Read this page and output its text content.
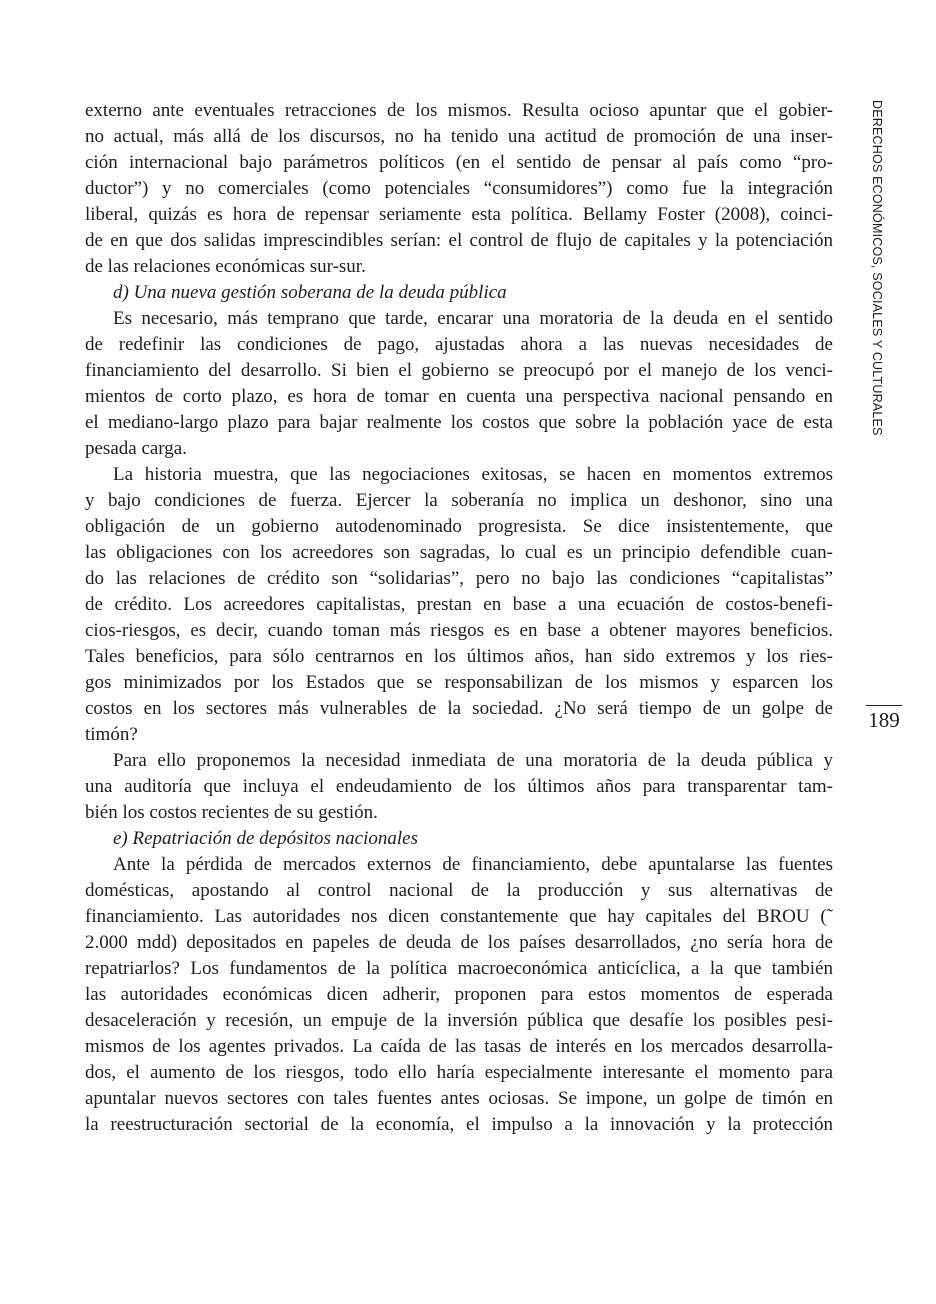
externo ante eventuales retracciones de los mismos. Resulta ocioso apuntar que el gobier-
no actual, más allá de los discursos, no ha tenido una actitud de promoción de una inser-
ción internacional bajo parámetros políticos (en el sentido de pensar al país como “pro-
ductor”) y no comerciales (como potenciales “consumidores”) como fue la integración
liberal, quizás es hora de repensar seriamente esta política. Bellamy Foster (2008), coinci-
de en que dos salidas imprescindibles serían: el control de flujo de capitales y la potenciación
de las relaciones económicas sur-sur.
d) Una nueva gestión soberana de la deuda pública
Es necesario, más temprano que tarde, encarar una moratoria de la deuda en el sentido
de redefinir las condiciones de pago, ajustadas ahora a las nuevas necesidades de
financiamiento del desarrollo. Si bien el gobierno se preocupó por el manejo de los venci-
mientos de corto plazo, es hora de tomar en cuenta una perspectiva nacional pensando en
el mediano-largo plazo para bajar realmente los costos que sobre la población yace de esta
pesada carga.
La historia muestra, que las negociaciones exitosas, se hacen en momentos extremos
y bajo condiciones de fuerza. Ejercer la soberanía no implica un deshonor, sino una
obligación de un gobierno autodenominado progresista. Se dice insistentemente, que
las obligaciones con los acreedores son sagradas, lo cual es un principio defendible cuan-
do las relaciones de crédito son “solidarias”, pero no bajo las condiciones “capitalistas”
de crédito. Los acreedores capitalistas, prestan en base a una ecuación de costos-benefi-
cios-riesgos, es decir, cuando toman más riesgos es en base a obtener mayores beneficios.
Tales beneficios, para sólo centrarnos en los últimos años, han sido extremos y los ries-
gos minimizados por los Estados que se responsabilizan de los mismos y esparcen los
costos en los sectores más vulnerables de la sociedad. ¿No será tiempo de un golpe de
timón?
Para ello proponemos la necesidad inmediata de una moratoria de la deuda pública y
una auditoría que incluya el endeudamiento de los últimos años para transparentar tam-
bién los costos recientes de su gestión.
e) Repatriación de depósitos nacionales
Ante la pérdida de mercados externos de financiamiento, debe apuntalarse las fuentes
domésticas, apostando al control nacional de la producción y sus alternativas de
financiamiento. Las autoridades nos dicen constantemente que hay capitales del BROU (˜
2.000 mdd) depositados en papeles de deuda de los países desarrollados, ¿no sería hora de
repatriarlos? Los fundamentos de la política macroeconómica anticíclica, a la que también
las autoridades económicas dicen adherir, proponen para estos momentos de esperada
desaceleración y recesión, un empuje de la inversión pública que desafíe los posibles pesi-
mismos de los agentes privados. La caída de las tasas de interés en los mercados desarrolla-
dos, el aumento de los riesgos, todo ello haría especialmente interesante el momento para
apuntalar nuevos sectores con tales fuentes antes ociosas. Se impone, un golpe de timón en
la reestructuración sectorial de la economía, el impulso a la innovación y la protección
DERECHOS ECONÓMICOS, SOCIALES Y CULTURALES
189
